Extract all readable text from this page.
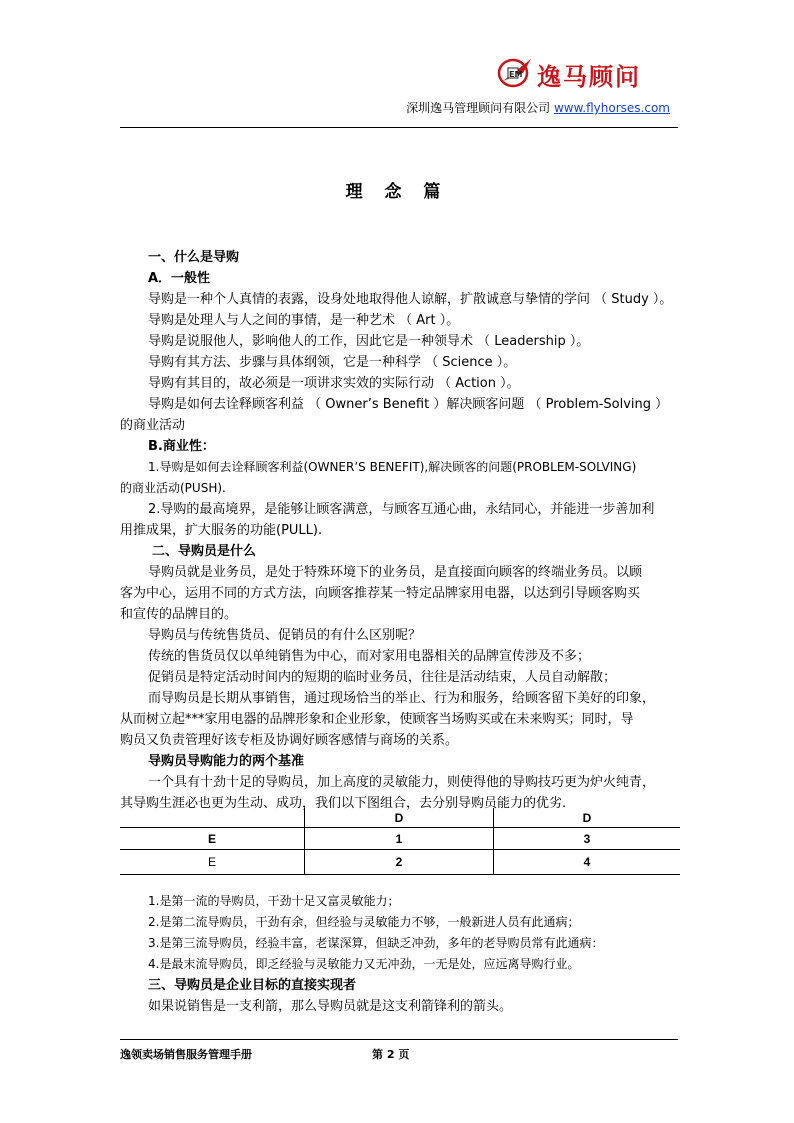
EM 逸马顾问
深圳逸马管理顾问有限公司 www.flyhorses.com
理 念 篇
一、什么是导购
A．一般性
导购是一种个人真情的表露，设身处地取得他人谅解，扩散诚意与挚情的学问 （ Study ）。
导购是处理人与人之间的事情，是一种艺术 （ Art ）。
导购是说服他人，影响他人的工作，因此它是一种领导术 （ Leadership ）。
导购有其方法、步骤与具体纲领，它是一种科学 （ Science ）。
导购有其目的，故必须是一项讲求实效的实际行动 （ Action ）。
导购是如何去诠释顾客利益 （ Owner’s Benefit ）解决顾客问题 （ Problem-Solving ）
的商业活动
B.商业性：
1.导购是如何去诠释顾客利益(OWNER’S BENEFIT),解决顾客的问题(PROBLEM-SOLVING)
的商业活动(PUSH).
2.导购的最高境界，是能够让顾客满意，与顾客互通心曲，永结同心，并能进一步善加利
用推成果，扩大服务的功能(PULL).
二、导购员是什么
导购员就是业务员，是处于特殊环境下的业务员，是直接面向顾客的终端业务员。以顾
客为中心，运用不同的方式方法，向顾客推荐某一特定品牌家用电器，以达到引导顾客购买
和宣传的品牌目的。
导购员与传统售货员、促销员的有什么区别呢？
传统的售货员仅以单纯销售为中心，而对家用电器相关的品牌宣传涉及不多；
促销员是特定活动时间内的短期的临时业务员，往往是活动结束，人员自动解散；
而导购员是长期从事销售，通过现场恰当的举止、行为和服务，给顾客留下美好的印象，
从而树立起***家用电器的品牌形象和企业形象，使顾客当场购买或在未来购买；同时，导
购员又负责管理好该专柜及协调好顾客感情与商场的关系。
导购员导购能力的两个基准
一个具有十劲十足的导购员，加上高度的灵敏能力，则使得他的导购技巧更为炉火纯青，
其导购生涯必也更为生动、成功，我们以下图组合，去分别导购员能力的优劣.
	D	D
E	1	3
E	2	4
1.是第一流的导购员，干劲十足又富灵敏能力；
2.是第二流导购员，干劲有余，但经验与灵敏能力不够，一般新进人员有此通病；
3.是第三流导购员，经验丰富，老谋深算，但缺乏冲劲，多年的老导购员常有此通病：
4.是最末流导购员，即乏经验与灵敏能力又无冲劲，一无是处，应远离导购行业。
三、导购员是企业目标的直接实现者
如果说销售是一支利箭，那么导购员就是这支利箭锋利的箭头。
逸领卖场销售服务管理手册	第 2 页
